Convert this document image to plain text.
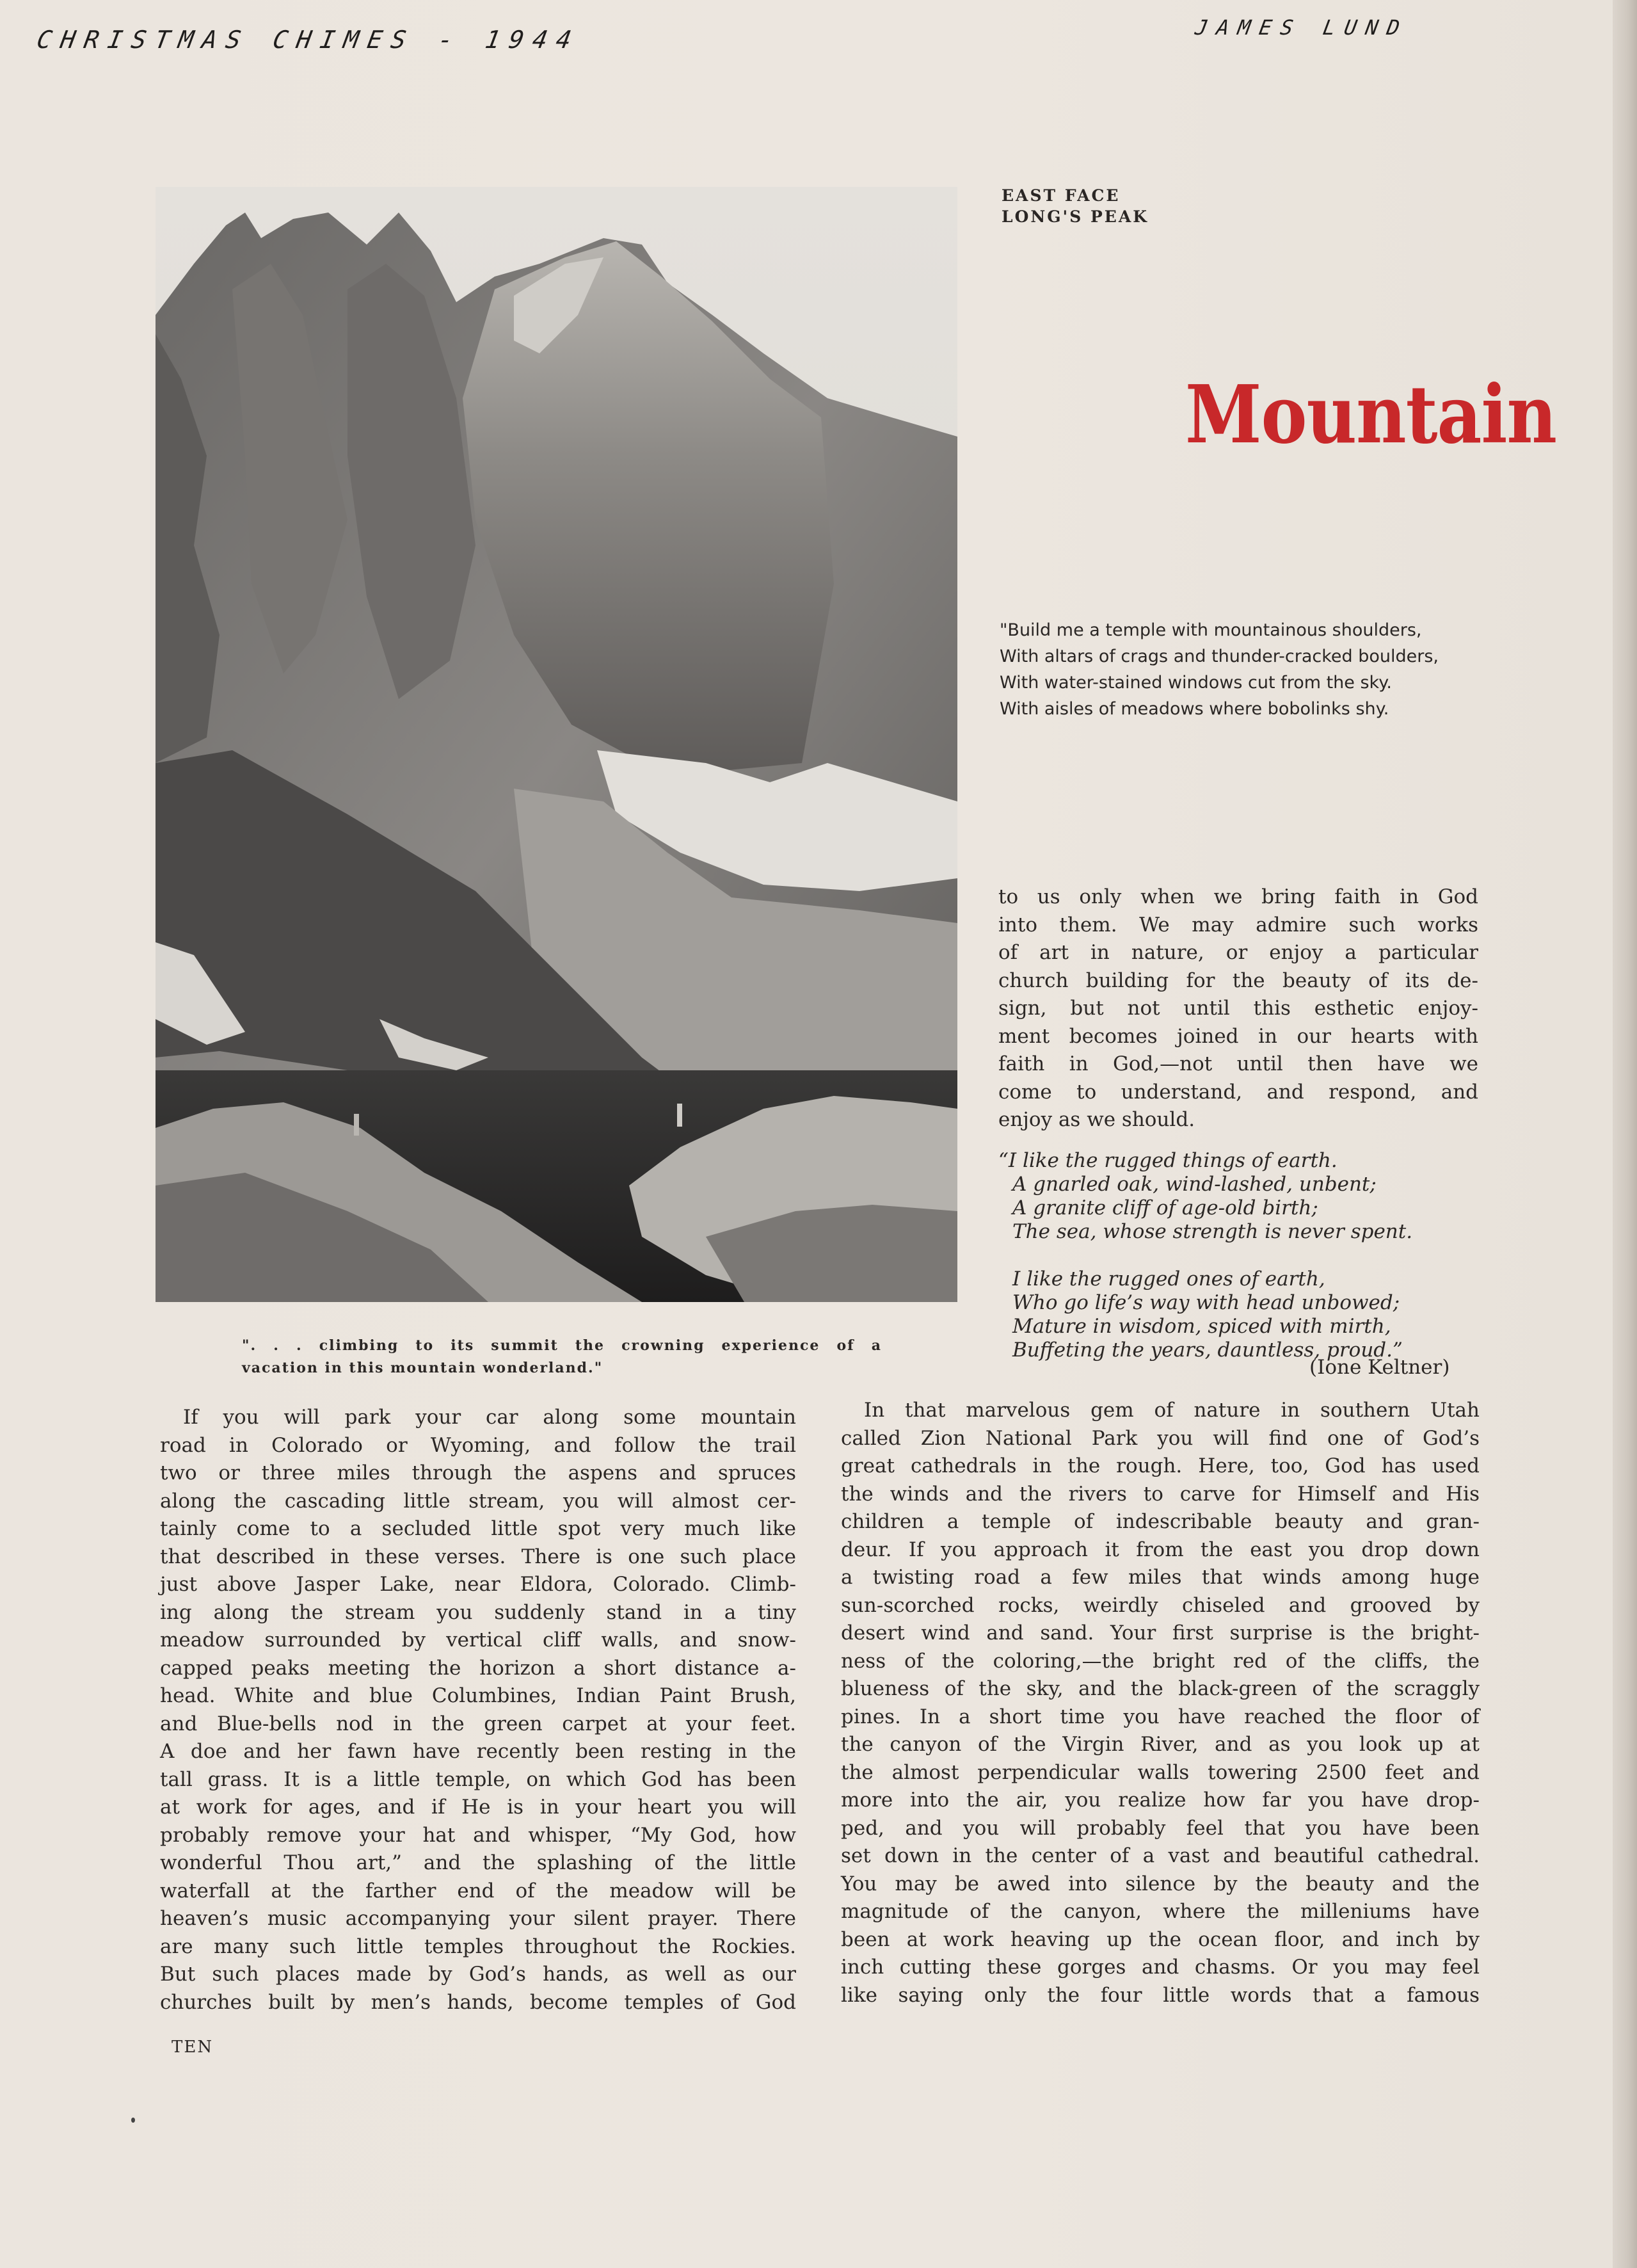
CHRISTMAS CHIMES - 1944	JAMES LUND
EAST FACE
LONG'S PEAK
Mountain
"Build me a temple with mountainous shoulders,
With altars of crags and thunder-cracked boulders,
With water-stained windows cut from the sky.
With aisles of meadows where bobolinks shy.
to us only when we bring faith in God
into them. We may admire such works
of art in nature, or enjoy a particular
church building for the beauty of its de-
sign, but not until this esthetic enjoy-
ment becomes joined in our hearts with
faith in God,—not until then have we
come to understand, and respond, and
enjoy as we should.
“I like the rugged things of earth.
A gnarled oak, wind-lashed, unbent;
A granite cliff of age-old birth;
The sea, whose strength is never spent.
I like the rugged ones of earth,
Who go life’s way with head unbowed;
Mature in wisdom, spiced with mirth,
Buffeting the years, dauntless, proud.”
(Ione Keltner)
". . . climbing to its summit the crowning experience of a
vacation in this mountain wonderland."
If you will park your car along some mountain
road in Colorado or Wyoming, and follow the trail
two or three miles through the aspens and spruces
along the cascading little stream, you will almost cer-
tainly come to a secluded little spot very much like
that described in these verses. There is one such place
just above Jasper Lake, near Eldora, Colorado. Climb-
ing along the stream you suddenly stand in a tiny
meadow surrounded by vertical cliff walls, and snow-
capped peaks meeting the horizon a short distance a-
head. White and blue Columbines, Indian Paint Brush,
and Blue-bells nod in the green carpet at your feet.
A doe and her fawn have recently been resting in the
tall grass. It is a little temple, on which God has been
at work for ages, and if He is in your heart you will
probably remove your hat and whisper, “My God, how
wonderful Thou art,” and the splashing of the little
waterfall at the farther end of the meadow will be
heaven’s music accompanying your silent prayer. There
are many such little temples throughout the Rockies.
But such places made by God’s hands, as well as our
churches built by men’s hands, become temples of God
In that marvelous gem of nature in southern Utah
called Zion National Park you will find one of God’s
great cathedrals in the rough. Here, too, God has used
the winds and the rivers to carve for Himself and His
children a temple of indescribable beauty and gran-
deur. If you approach it from the east you drop down
a twisting road a few miles that winds among huge
sun-scorched rocks, weirdly chiseled and grooved by
desert wind and sand. Your first surprise is the bright-
ness of the coloring,—the bright red of the cliffs, the
blueness of the sky, and the black-green of the scraggly
pines. In a short time you have reached the floor of
the canyon of the Virgin River, and as you look up at
the almost perpendicular walls towering 2500 feet and
more into the air, you realize how far you have drop-
ped, and you will probably feel that you have been
set down in the center of a vast and beautiful cathedral.
You may be awed into silence by the beauty and the
magnitude of the canyon, where the milleniums have
been at work heaving up the ocean floor, and inch by
inch cutting these gorges and chasms. Or you may feel
like saying only the four little words that a famous
TEN
